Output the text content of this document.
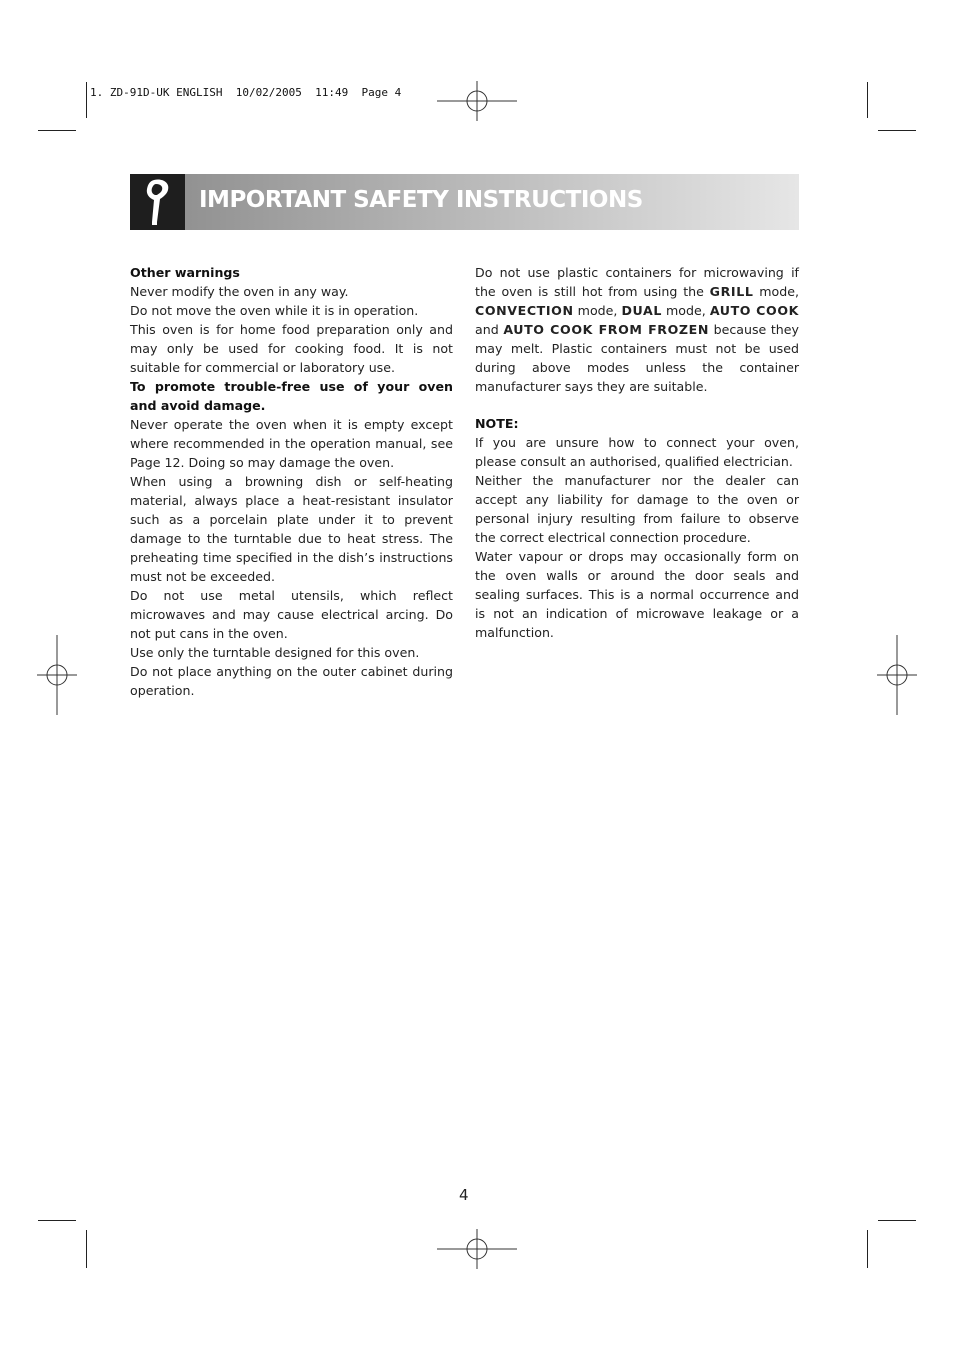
1. ZD-91D-UK ENGLISH  10/02/2005  11:49  Page 4
IMPORTANT SAFETY INSTRUCTIONS

Other warnings

Never modify the oven in any way.

Do not move the oven while it is in operation.

This oven is for home food preparation only and may only be used for cooking food. It is not suitable for commercial or laboratory use.

To promote trouble-free use of your oven and avoid damage.

Never operate the oven when it is empty except where recommended in the operation manual, see Page 12. Doing so may damage the oven.

When using a browning dish or self-heating material, always place a heat-resistant insulator such as a porcelain plate under it to prevent damage to the turntable due to heat stress. The preheating time specified in the dish’s instructions must not be exceeded.

Do not use metal utensils, which reflect microwaves and may cause electrical arcing. Do not put cans in the oven.

Use only the turntable designed for this oven.

Do not place anything on the outer cabinet during operation.

Do not use plastic containers for microwaving if the oven is still hot from using the GRILL mode, CONVECTION mode, DUAL mode, AUTO COOK and AUTO COOK FROM FROZEN because they may melt. Plastic containers must not be used during above modes unless the container manufacturer says they are suitable.

NOTE:

If you are unsure how to connect your oven, please consult an authorised, qualified electrician.

Neither the manufacturer nor the dealer can accept any liability for damage to the oven or personal injury resulting from failure to observe the correct electrical connection procedure.

Water vapour or drops may occasionally form on the oven walls or around the door seals and sealing surfaces. This is a normal occurrence and is not an indication of microwave leakage or a malfunction.

4
